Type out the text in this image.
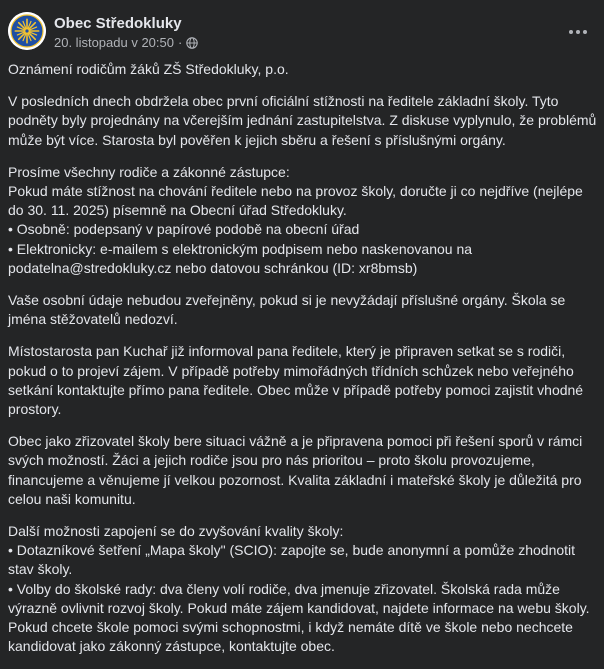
Obec Středokluky
20. listopadu v 20:50 ·

Oznámení rodičům žáků ZŠ Středokluky, p.o.

V posledních dnech obdržela obec první oficiální stížnosti na ředitele základní školy. Tyto podněty byly projednány na včerejším jednání zastupitelstva. Z diskuse vyplynulo, že problémů může být více. Starosta byl pověřen k jejich sběru a řešení s příslušnými orgány.

Prosíme všechny rodiče a zákonné zástupce:
Pokud máte stížnost na chování ředitele nebo na provoz školy, doručte ji co nejdříve (nejlépe do 30. 11. 2025) písemně na Obecní úřad Středokluky.
• Osobně: podepsaný v papírové podobě na obecní úřad
• Elektronicky: e-mailem s elektronickým podpisem nebo naskenovanou na podatelna@stredokluky.cz nebo datovou schránkou (ID: xr8bmsb)

Vaše osobní údaje nebudou zveřejněny, pokud si je nevyžádají příslušné orgány. Škola se jména stěžovatelů nedozví.

Místostarosta pan Kuchař již informoval pana ředitele, který je připraven setkat se s rodiči, pokud o to projeví zájem. V případě potřeby mimořádných třídních schůzek nebo veřejného setkání kontaktujte přímo pana ředitele. Obec může v případě potřeby pomoci zajistit vhodné prostory.

Obec jako zřizovatel školy bere situaci vážně a je připravena pomoci při řešení sporů v rámci svých možností. Žáci a jejich rodiče jsou pro nás prioritou – proto školu provozujeme, financujeme a věnujeme jí velkou pozornost. Kvalita základní i mateřské školy je důležitá pro celou naši komunitu.

Další možnosti zapojení se do zvyšování kvality školy:
• Dotazníkové šetření „Mapa školy" (SCIO): zapojte se, bude anonymní a pomůže zhodnotit stav školy.
• Volby do školské rady: dva členy volí rodiče, dva jmenuje zřizovatel. Školská rada může výrazně ovlivnit rozvoj školy. Pokud máte zájem kandidovat, najdete informace na webu školy.
Pokud chcete škole pomoci svými schopnostmi, i když nemáte dítě ve škole nebo nechcete kandidovat jako zákonný zástupce, kontaktujte obec.
